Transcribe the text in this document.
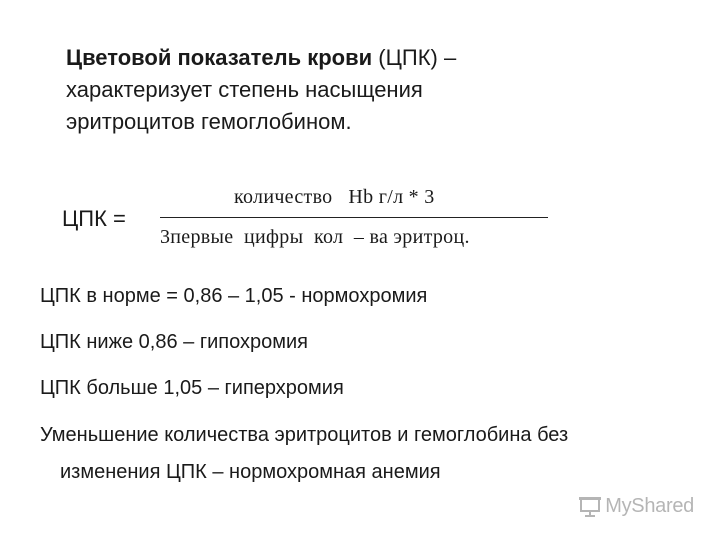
Цветовой показатель крови (ЦПК) –
характеризует степень насыщения
эритроцитов гемоглобином.
ЦПК =
количество   Hb г/л * 3
3первые  цифры  кол  – ва эритроц.
ЦПК в норме = 0,86 – 1,05 - нормохромия
ЦПК ниже 0,86 – гипохромия
ЦПК больше 1,05 – гиперхромия
Уменьшение количества эритроцитов и гемоглобина без
изменения ЦПК – нормохромная анемия
MyShared
